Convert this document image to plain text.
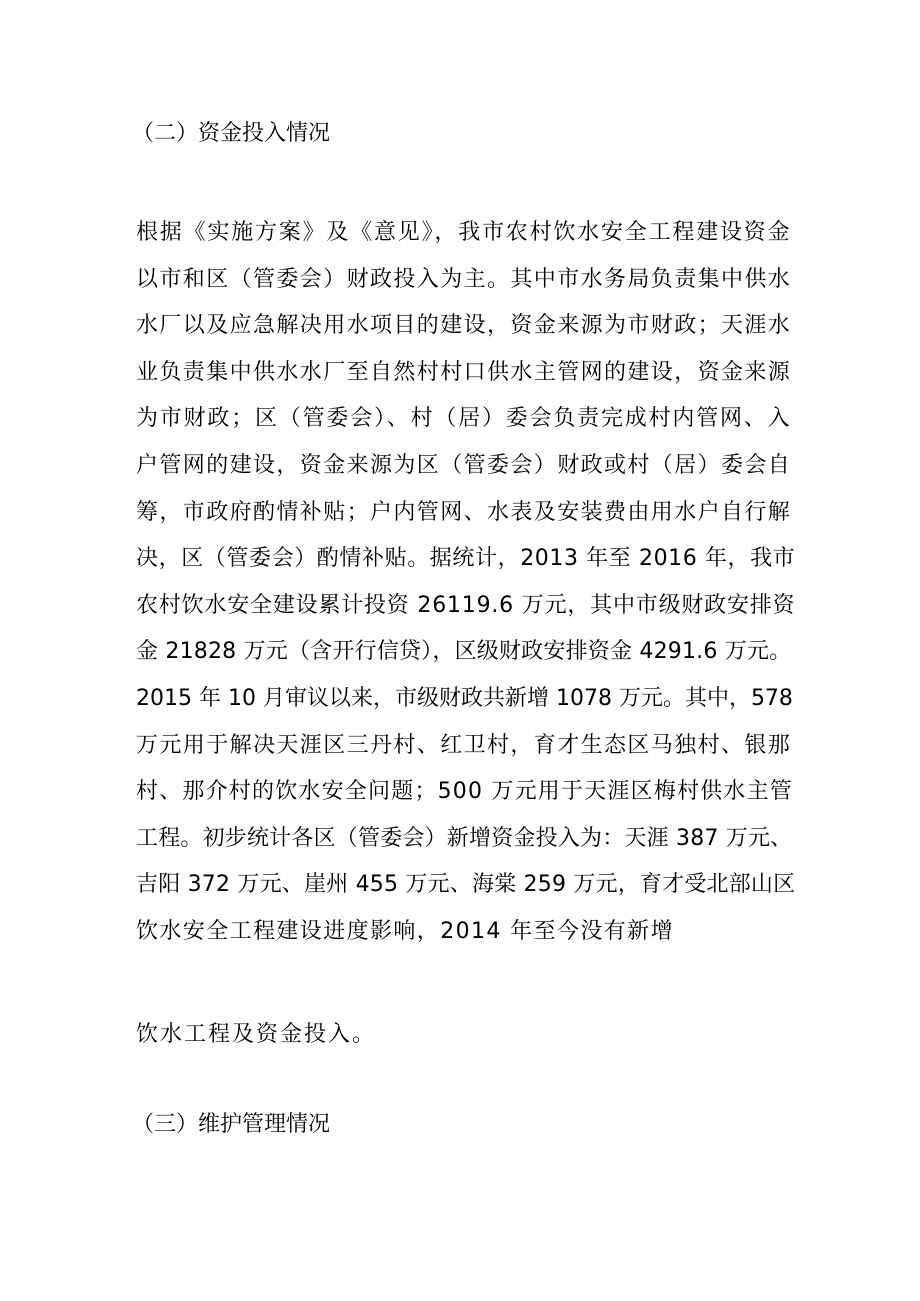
（二）资金投入情况

根据《实施方案》及《意见》，我市农村饮水安全工程建设资金
以市和区（管委会）财政投入为主。其中市水务局负责集中供水
水厂以及应急解决用水项目的建设，资金来源为市财政；天涯水
业负责集中供水水厂至自然村村口供水主管网的建设，资金来源
为市财政；区（管委会）、村（居）委会负责完成村内管网、入
户管网的建设，资金来源为区（管委会）财政或村（居）委会自
筹，市政府酌情补贴；户内管网、水表及安装费由用水户自行解
决，区（管委会）酌情补贴。据统计，2013 年至 2016 年，我市
农村饮水安全建设累计投资 26119.6 万元，其中市级财政安排资
金 21828 万元（含开行信贷），区级财政安排资金 4291.6 万元。
2015 年 10 月审议以来，市级财政共新增 1078 万元。其中，578
万元用于解决天涯区三丹村、红卫村，育才生态区马独村、银那
村、那介村的饮水安全问题；500 万元用于天涯区梅村供水主管
工程。初步统计各区（管委会）新增资金投入为：天涯 387 万元、
吉阳 372 万元、崖州 455 万元、海棠 259 万元，育才受北部山区
饮水安全工程建设进度影响，2014 年至今没有新增

饮水工程及资金投入。

（三）维护管理情况
